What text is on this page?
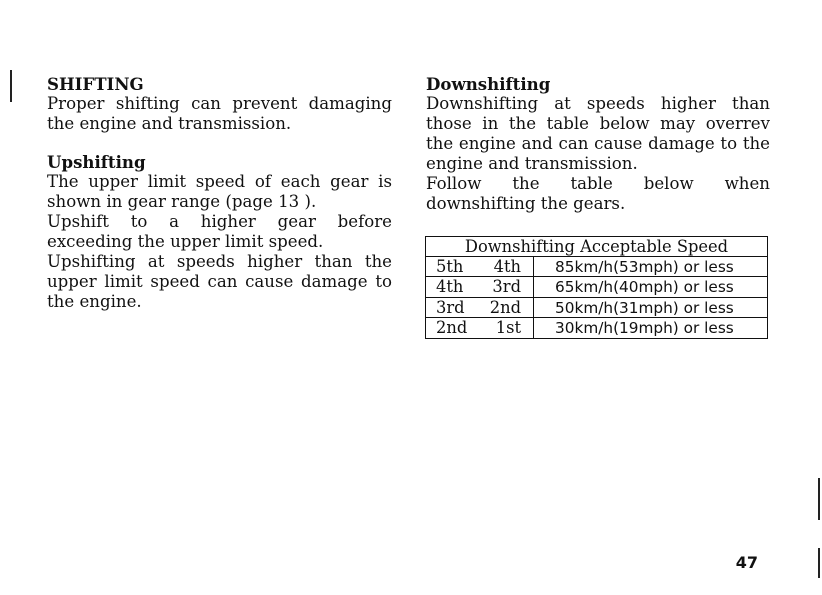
SHIFTING

Proper shifting can prevent damaging the engine and transmission.

Upshifting

The upper limit speed of each gear is shown in gear range (page 13 ).

Upshift to a higher gear before exceeding the upper limit speed.

Upshifting at speeds higher than the upper limit speed can cause damage to the engine.

Downshifting

Downshifting at speeds higher than those in the table below may overrev the engine and can cause damage to the engine and transmission.

Follow the table below when downshifting the gears.

Downshifting Acceptable Speed
5th	4th	85km/h(53mph) or less
4th	3rd	65km/h(40mph) or less
3rd	2nd	50km/h(31mph) or less
2nd	1st	30km/h(19mph) or less
47
